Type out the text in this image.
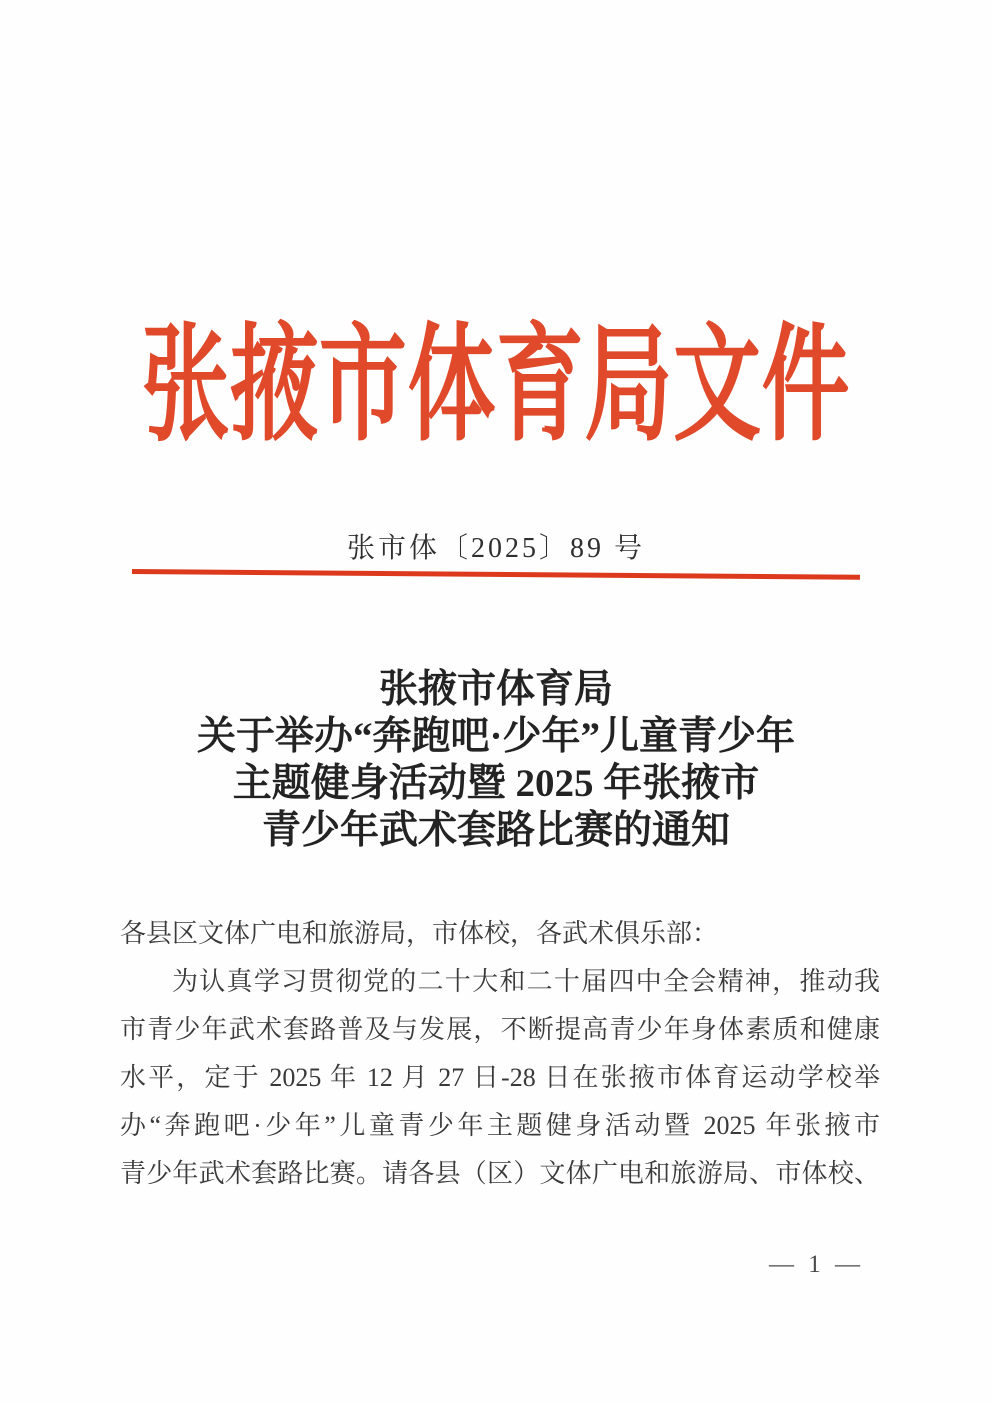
张掖市体育局文件
张市体〔2025〕89 号
张掖市体育局
关于举办“奔跑吧·少年”儿童青少年
主题健身活动暨 2025 年张掖市
青少年武术套路比赛的通知
各县区文体广电和旅游局，市体校，各武术俱乐部：
为认真学习贯彻党的二十大和二十届四中全会精神，推动我
市青少年武术套路普及与发展，不断提高青少年身体素质和健康
水平，定于 2025 年 12 月 27 日-28 日在张掖市体育运动学校举
办“奔跑吧·少年”儿童青少年主题健身活动暨 2025 年张掖市
青少年武术套路比赛。请各县（区）文体广电和旅游局、市体校、
— 1 —
